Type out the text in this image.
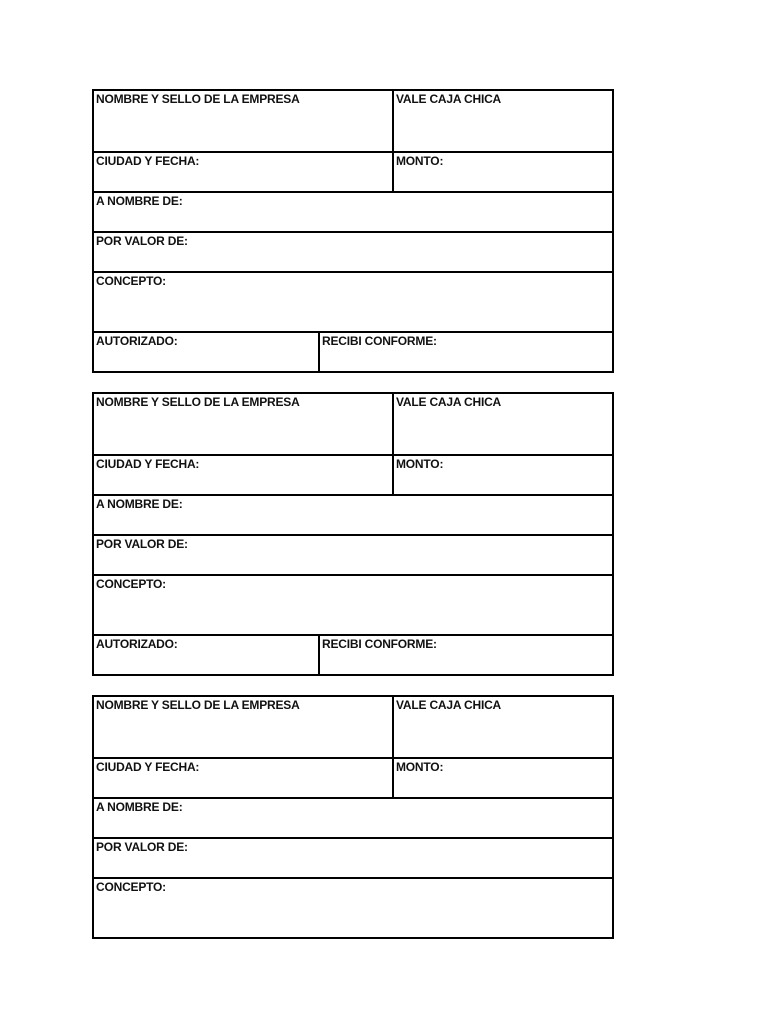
NOMBRE Y SELLO DE LA EMPRESA	VALE CAJA CHICA
CIUDAD Y FECHA:	MONTO:
A NOMBRE DE:
POR VALOR DE:
CONCEPTO:
AUTORIZADO:	RECIBI CONFORME:
NOMBRE Y SELLO DE LA EMPRESA	VALE CAJA CHICA
CIUDAD Y FECHA:	MONTO:
A NOMBRE DE:
POR VALOR DE:
CONCEPTO:
AUTORIZADO:	RECIBI CONFORME:
NOMBRE Y SELLO DE LA EMPRESA	VALE CAJA CHICA
CIUDAD Y FECHA:	MONTO:
A NOMBRE DE:
POR VALOR DE:
CONCEPTO:
